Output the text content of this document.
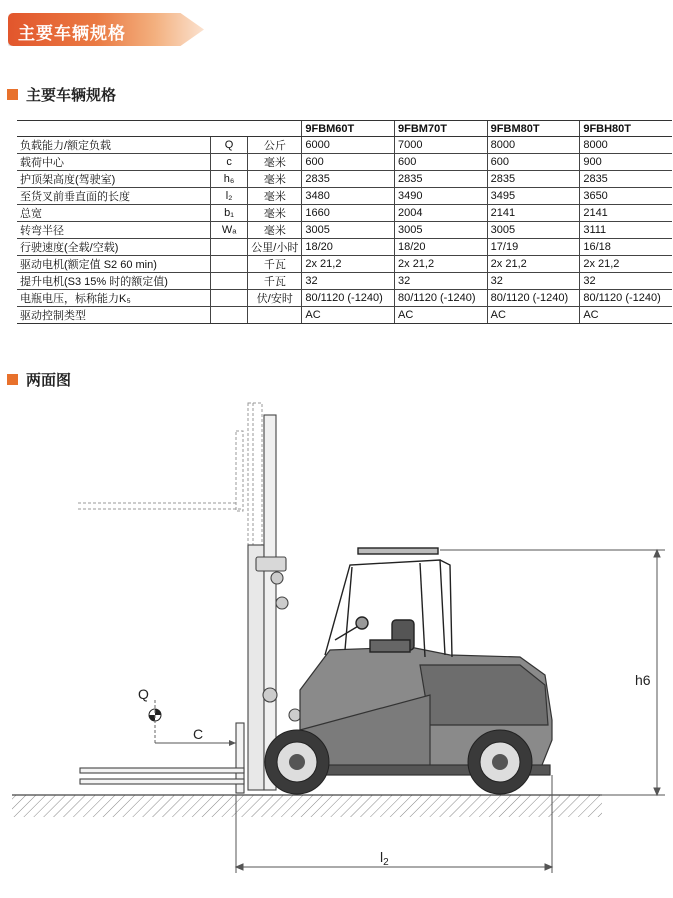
主要车辆规格
主要车辆规格
			9FBM60T	9FBM70T	9FBM80T	9FBH80T
负载能力/额定负载	Q	公斤	6000	7000	8000	8000
载荷中心	c	毫米	600	600	600	900
护顶架高度(驾驶室)	h₆	毫米	2835	2835	2835	2835
至货叉前垂直面的长度	l₂	毫米	3480	3490	3495	3650
总宽	b₁	毫米	1660	2004	2141	2141
转弯半径	Wₐ	毫米	3005	3005	3005	3111
行驶速度(全载/空载)		公里/小时	18/20	18/20	17/19	16/18
驱动电机(额定值 S2 60 min)		千瓦	2x 21,2	2x 21,2	2x 21,2	2x 21,2
提升电机(S3 15% 时的额定值)		千瓦	32	32	32	32
电瓶电压，标称能力K₅		伏/安时	80/1120 (-1240)	80/1120 (-1240)	80/1120 (-1240)	80/1120 (-1240)
驱动控制类型			AC	AC	AC	AC
两面图
Q
C
h6
$l_2$
